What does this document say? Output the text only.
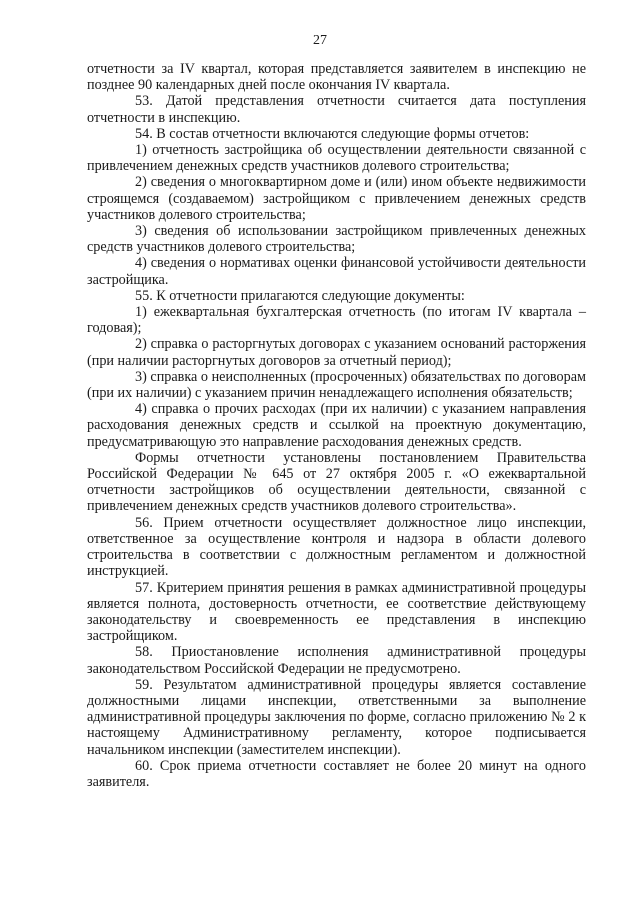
27

отчетности за IV квартал, которая представляется заявителем в инспекцию не позднее 90 календарных дней после окончания IV квартала.

53. Датой представления отчетности считается дата поступления отчетности в инспекцию.

54. В состав отчетности включаются следующие формы отчетов:

1) отчетность застройщика об осуществлении деятельности связанной с привлечением денежных средств участников долевого строительства;

2) сведения о многоквартирном доме и (или) ином объекте недвижимости строящемся (создаваемом) застройщиком с привлечением денежных средств участников долевого строительства;

3) сведения об использовании застройщиком привлеченных денежных средств участников долевого строительства;

4) сведения о нормативах оценки финансовой устойчивости деятельности застройщика.

55. К отчетности прилагаются следующие документы:

1) ежеквартальная бухгалтерская отчетность (по итогам IV квартала – годовая);

2) справка о расторгнутых договорах с указанием оснований расторжения (при наличии расторгнутых договоров за отчетный период);

3) справка о неисполненных (просроченных) обязательствах по договорам (при их наличии) с указанием причин ненадлежащего исполнения обязательств;

4) справка о прочих расходах (при их наличии) с указанием направления расходования денежных средств и ссылкой на проектную документацию, предусматривающую это направление расходования денежных средств.

Формы отчетности установлены постановлением Правительства Российской Федерации № 645 от 27 октября 2005 г. «О ежеквартальной отчетности застройщиков об осуществлении деятельности, связанной с привлечением денежных средств участников долевого строительства».

56. Прием отчетности осуществляет должностное лицо инспекции, ответственное за осуществление контроля и надзора в области долевого строительства в соответствии с должностным регламентом и должностной инструкцией.

57. Критерием принятия решения в рамках административной процедуры является полнота, достоверность отчетности, ее соответствие действующему законодательству и своевременность ее представления в инспекцию застройщиком.

58. Приостановление исполнения административной процедуры законодательством Российской Федерации не предусмотрено.

59. Результатом административной процедуры является составление должностными лицами инспекции, ответственными за выполнение административной процедуры заключения по форме, согласно приложению № 2 к настоящему Административному регламенту, которое подписывается начальником инспекции (заместителем инспекции).

60. Срок приема отчетности составляет не более 20 минут на одного заявителя.
